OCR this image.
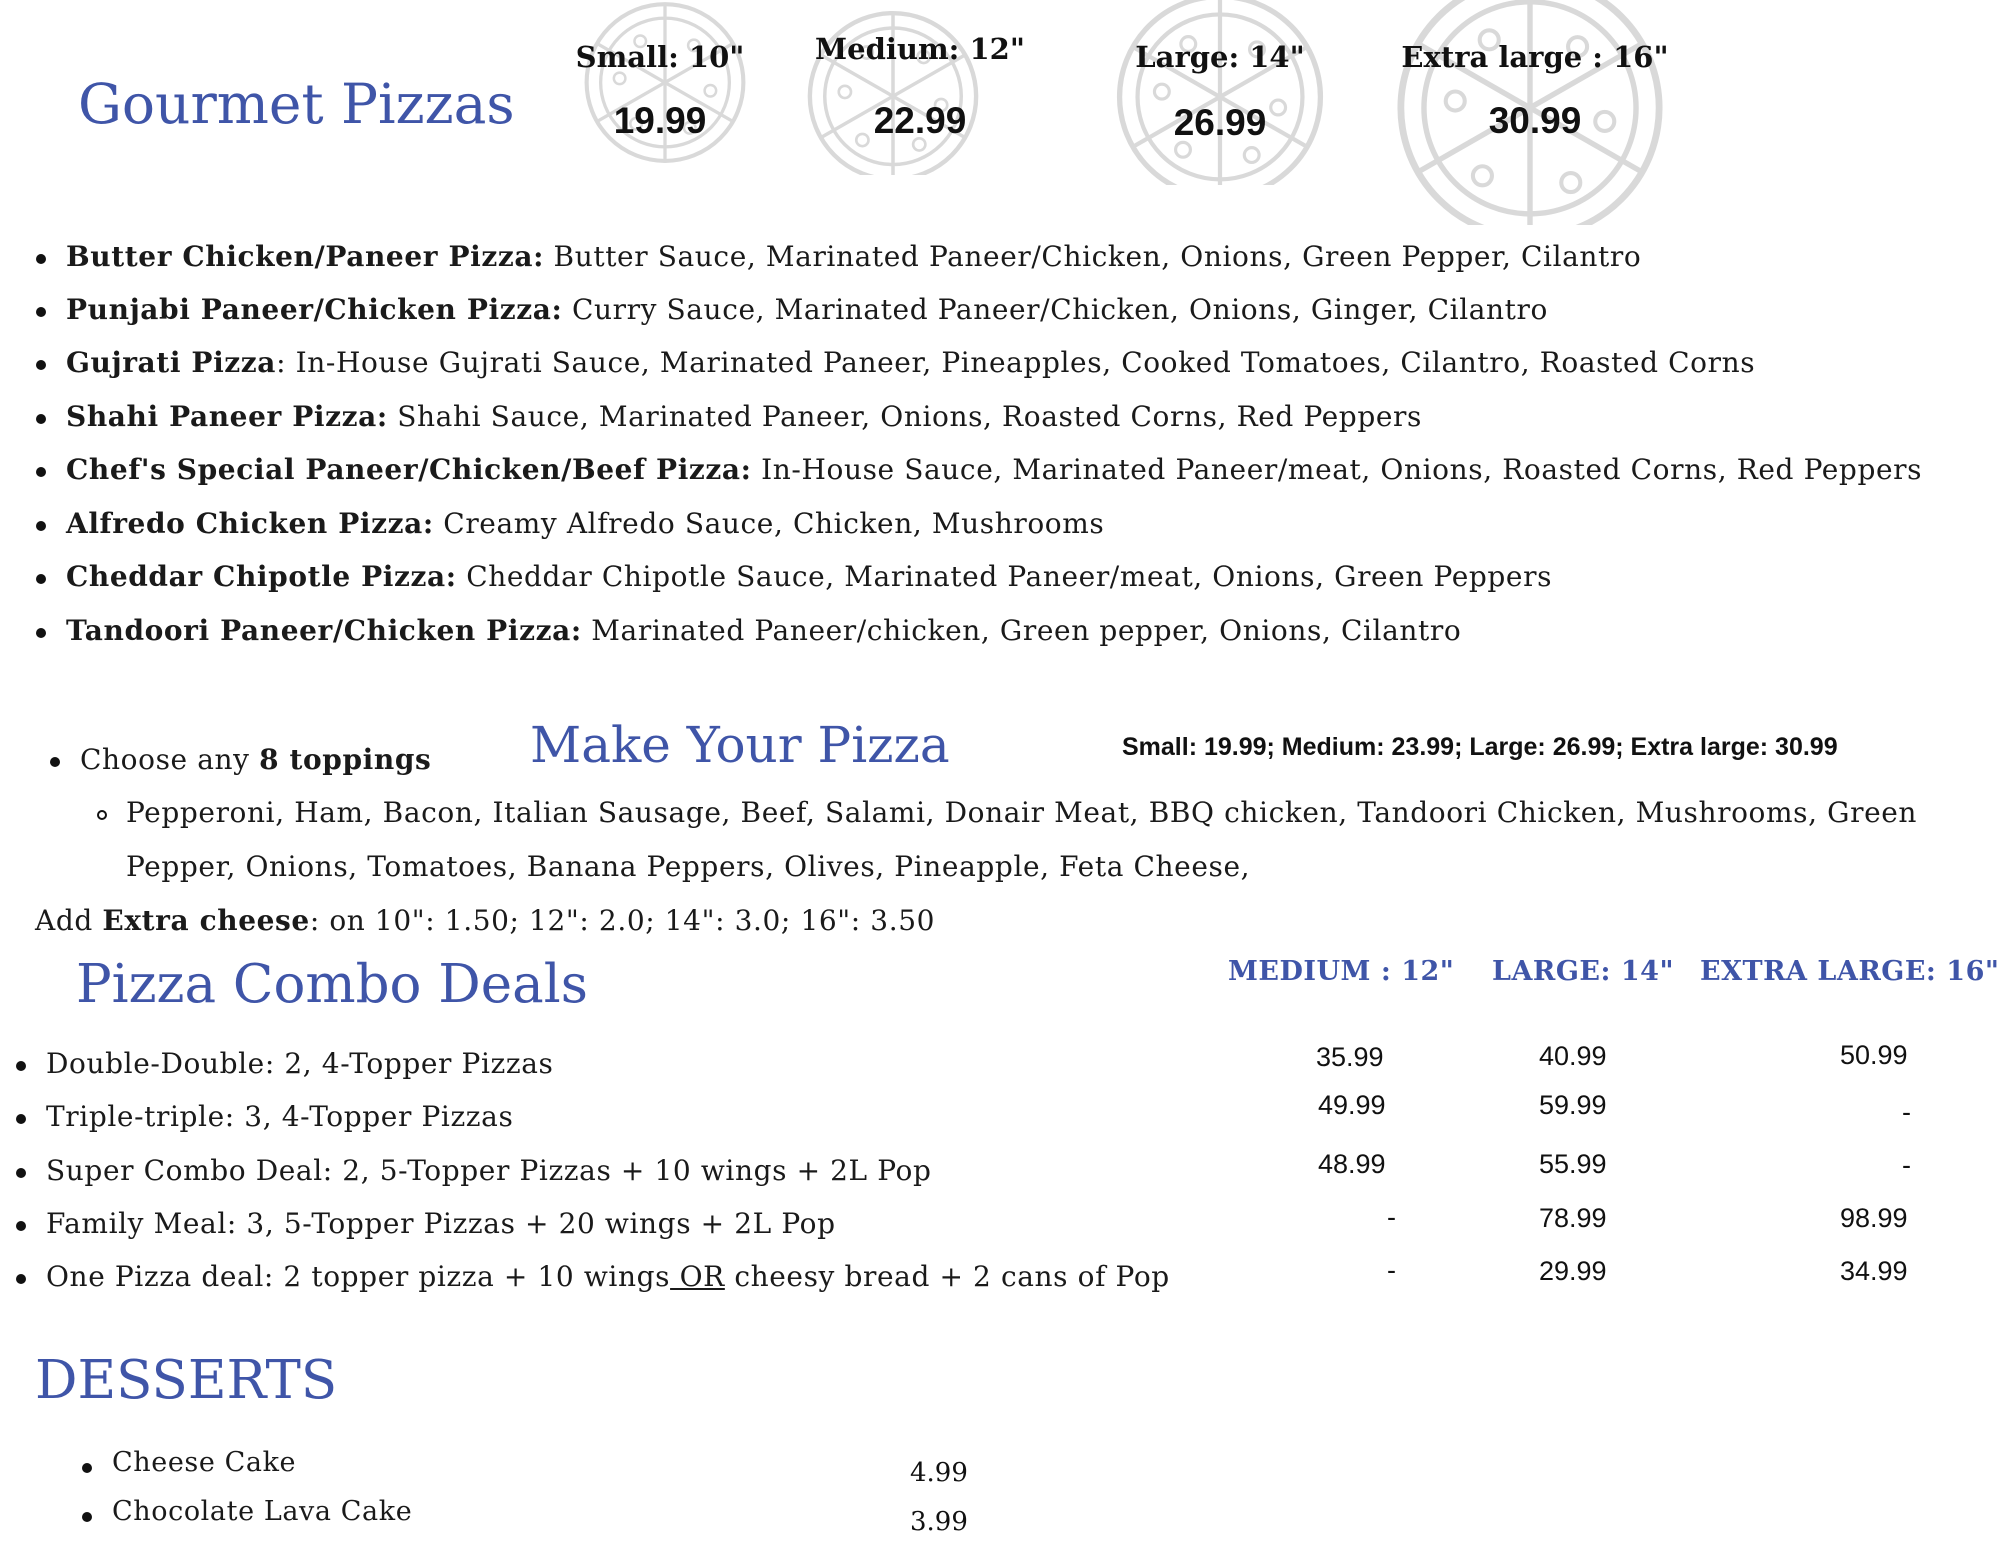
Gourmet Pizzas
Small: 10"
19.99
Medium: 12"
22.99
Large: 14"
26.99
Extra large : 16"
30.99
Butter Chicken/Paneer Pizza: Butter Sauce, Marinated Paneer/Chicken, Onions, Green Pepper, Cilantro
Punjabi Paneer/Chicken Pizza: Curry Sauce, Marinated Paneer/Chicken, Onions, Ginger, Cilantro
Gujrati Pizza: In-House Gujrati Sauce, Marinated Paneer, Pineapples, Cooked Tomatoes, Cilantro, Roasted Corns
Shahi Paneer Pizza: Shahi Sauce, Marinated Paneer, Onions, Roasted Corns, Red Peppers
Chef's Special Paneer/Chicken/Beef Pizza: In-House Sauce, Marinated Paneer/meat, Onions, Roasted Corns, Red Peppers
Alfredo Chicken Pizza: Creamy Alfredo Sauce, Chicken, Mushrooms
Cheddar Chipotle Pizza: Cheddar Chipotle Sauce, Marinated Paneer/meat, Onions, Green Peppers
Tandoori Paneer/Chicken Pizza: Marinated Paneer/chicken, Green pepper, Onions, Cilantro
Make Your Pizza	Small: 19.99; Medium: 23.99; Large: 26.99; Extra large: 30.99
Choose any 8 toppings
Pepperoni, Ham, Bacon, Italian Sausage, Beef, Salami, Donair Meat, BBQ chicken, Tandoori Chicken, Mushrooms, Green
Pepper, Onions, Tomatoes, Banana Peppers, Olives, Pineapple, Feta Cheese,
Add Extra cheese: on 10": 1.50; 12": 2.0; 14": 3.0; 16": 3.50
Pizza Combo Deals	MEDIUM : 12" LARGE: 14" EXTRA LARGE: 16"
Double-Double: 2, 4-Topper Pizzas	35.99	40.99	50.99
Triple-triple: 3, 4-Topper Pizzas	49.99	59.99	-
Super Combo Deal: 2, 5-Topper Pizzas + 10 wings + 2L Pop	48.99	55.99	-
Family Meal: 3, 5-Topper Pizzas + 20 wings + 2L Pop	-	78.99	98.99
One Pizza deal: 2 topper pizza + 10 wings OR cheesy bread + 2 cans of Pop	-	29.99	34.99
DESSERTS
Cheese Cake	4.99
Chocolate Lava Cake	3.99
